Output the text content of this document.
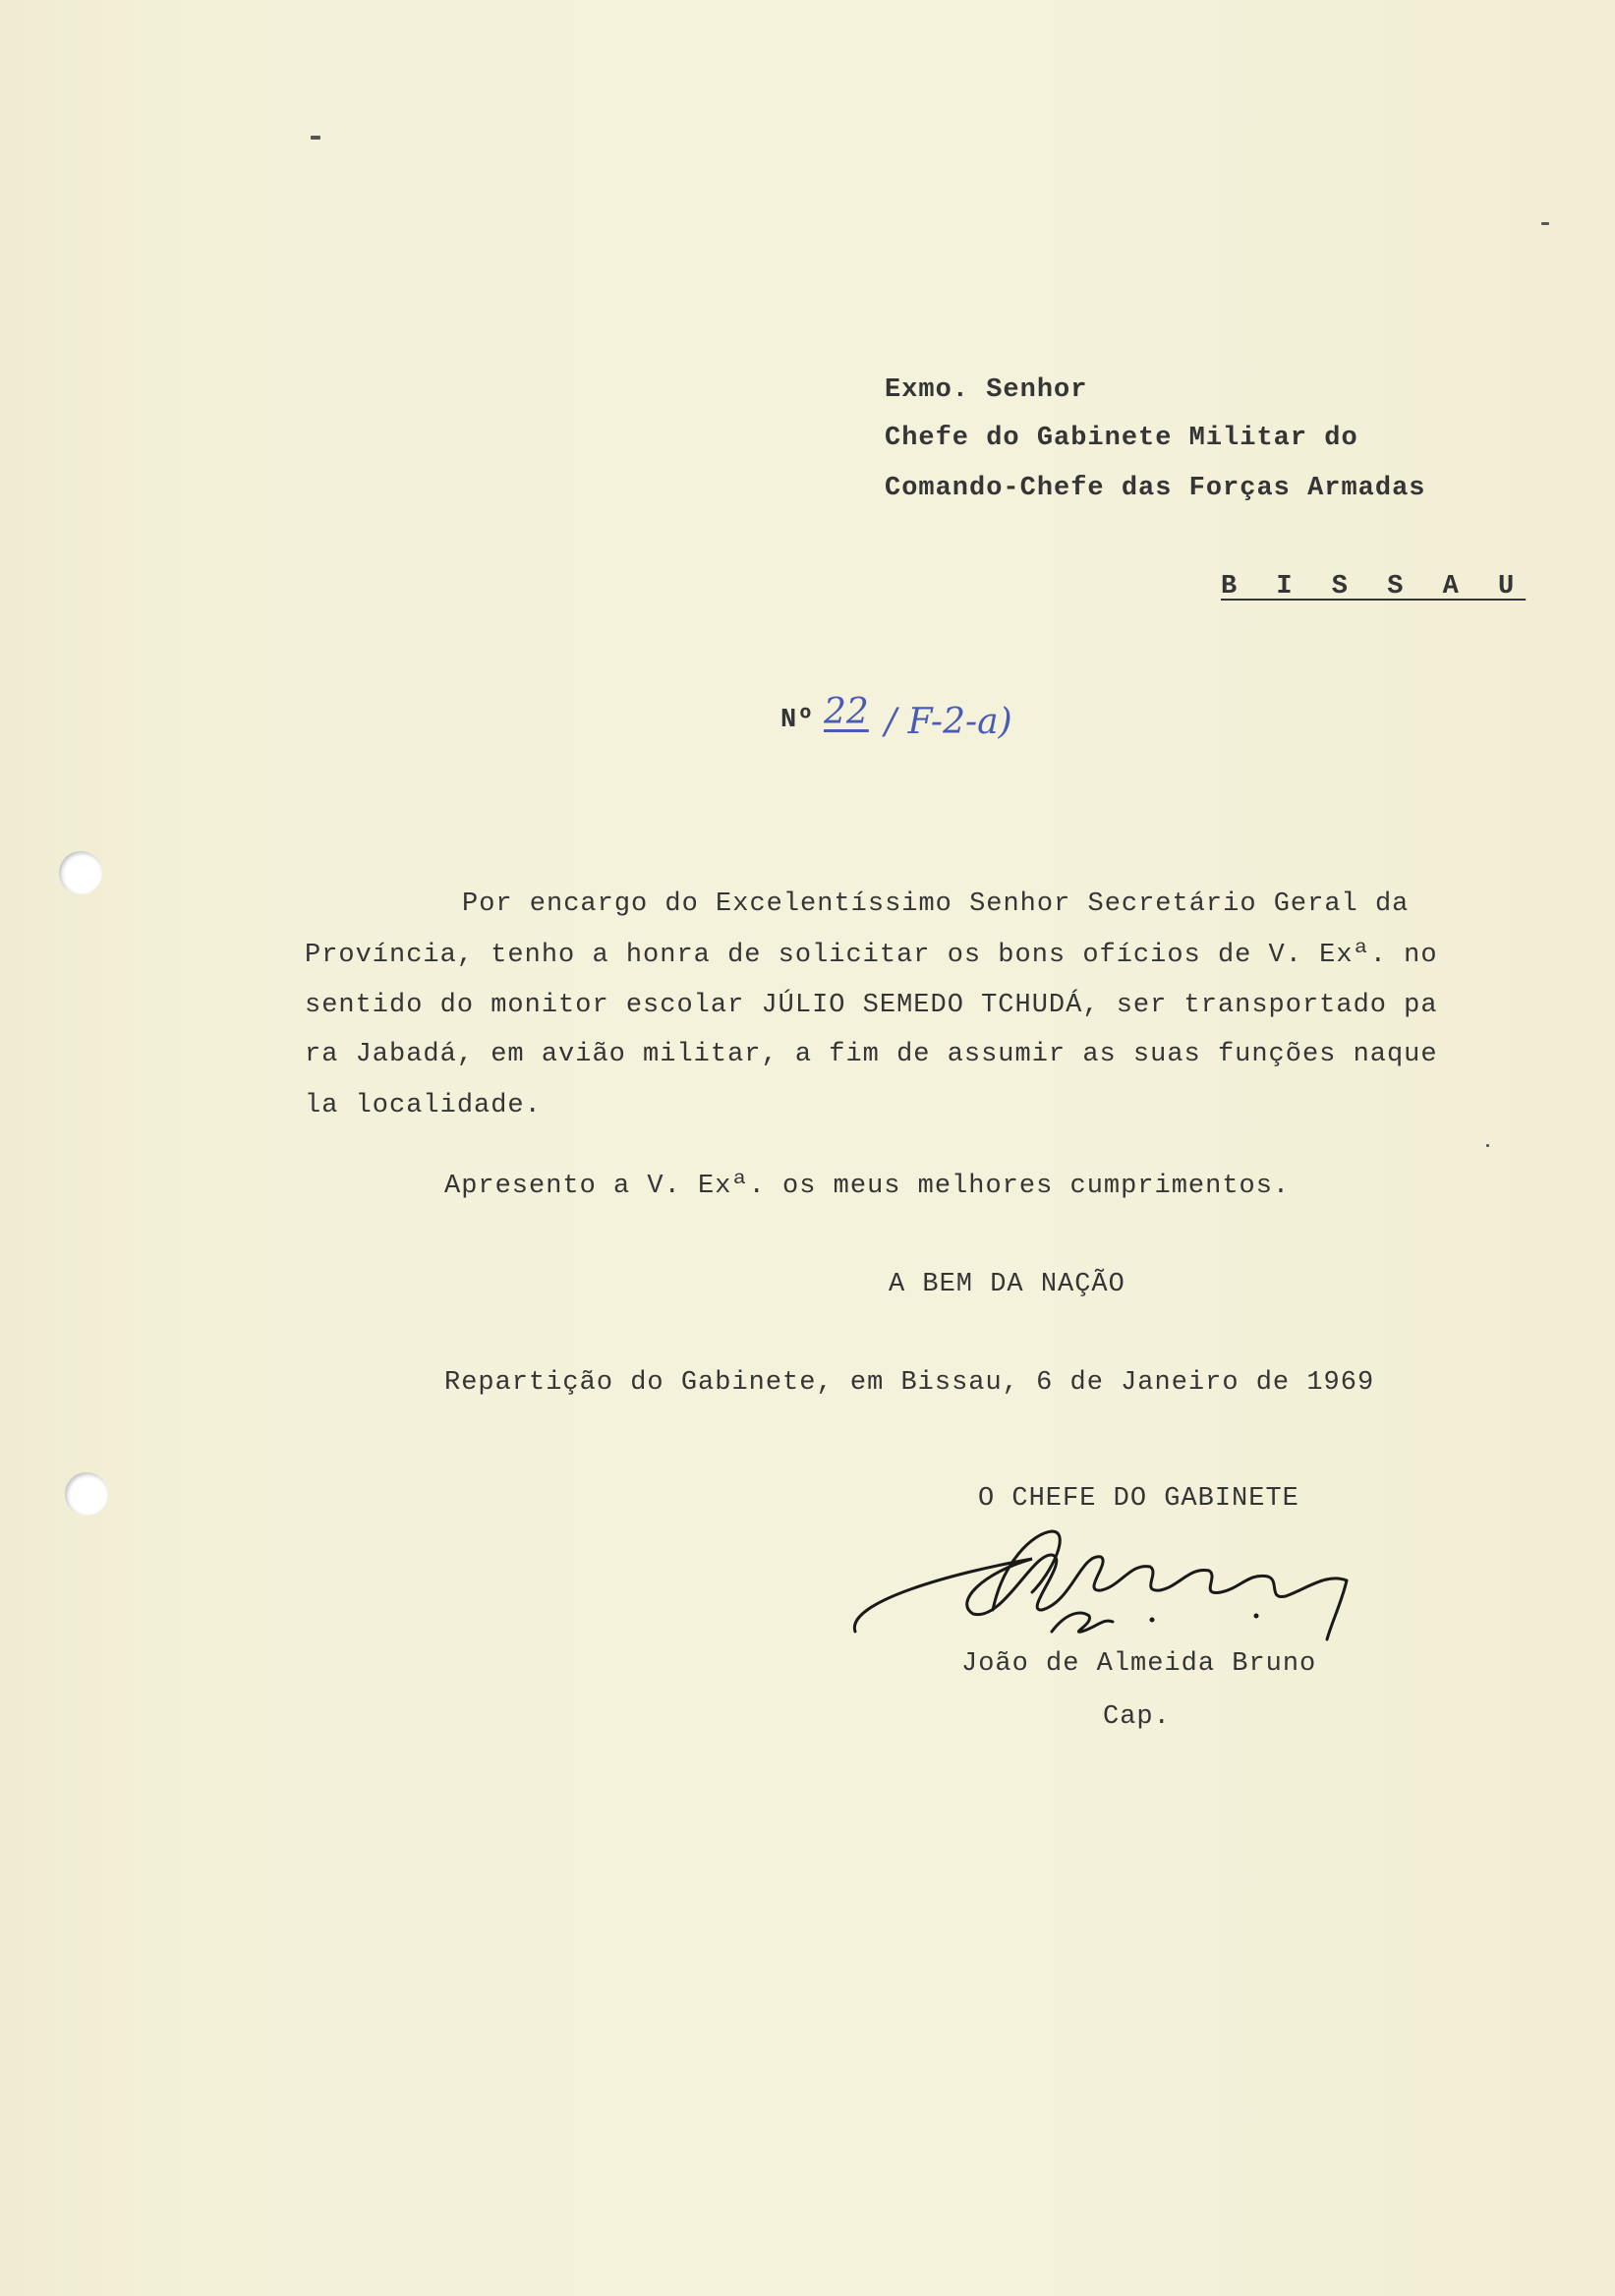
Exmo. Senhor
Chefe do Gabinete Militar do
Comando-Chefe das Forças Armadas
B I S S A U
Nº 22 / F-2-a)
Por encargo do Excelentíssimo Senhor Secretário Geral da
Província, tenho a honra de solicitar os bons ofícios de V. Exª. no
sentido do monitor escolar JÚLIO SEMEDO TCHUDÁ, ser transportado pa
ra Jabadá, em avião militar, a fim de assumir as suas funções naque
la localidade.
Apresento a V. Exª. os meus melhores cumprimentos.
A BEM DA NAÇÃO
Repartição do Gabinete, em Bissau, 6 de Janeiro de 1969
O CHEFE DO GABINETE
João de Almeida Bruno
Cap.
